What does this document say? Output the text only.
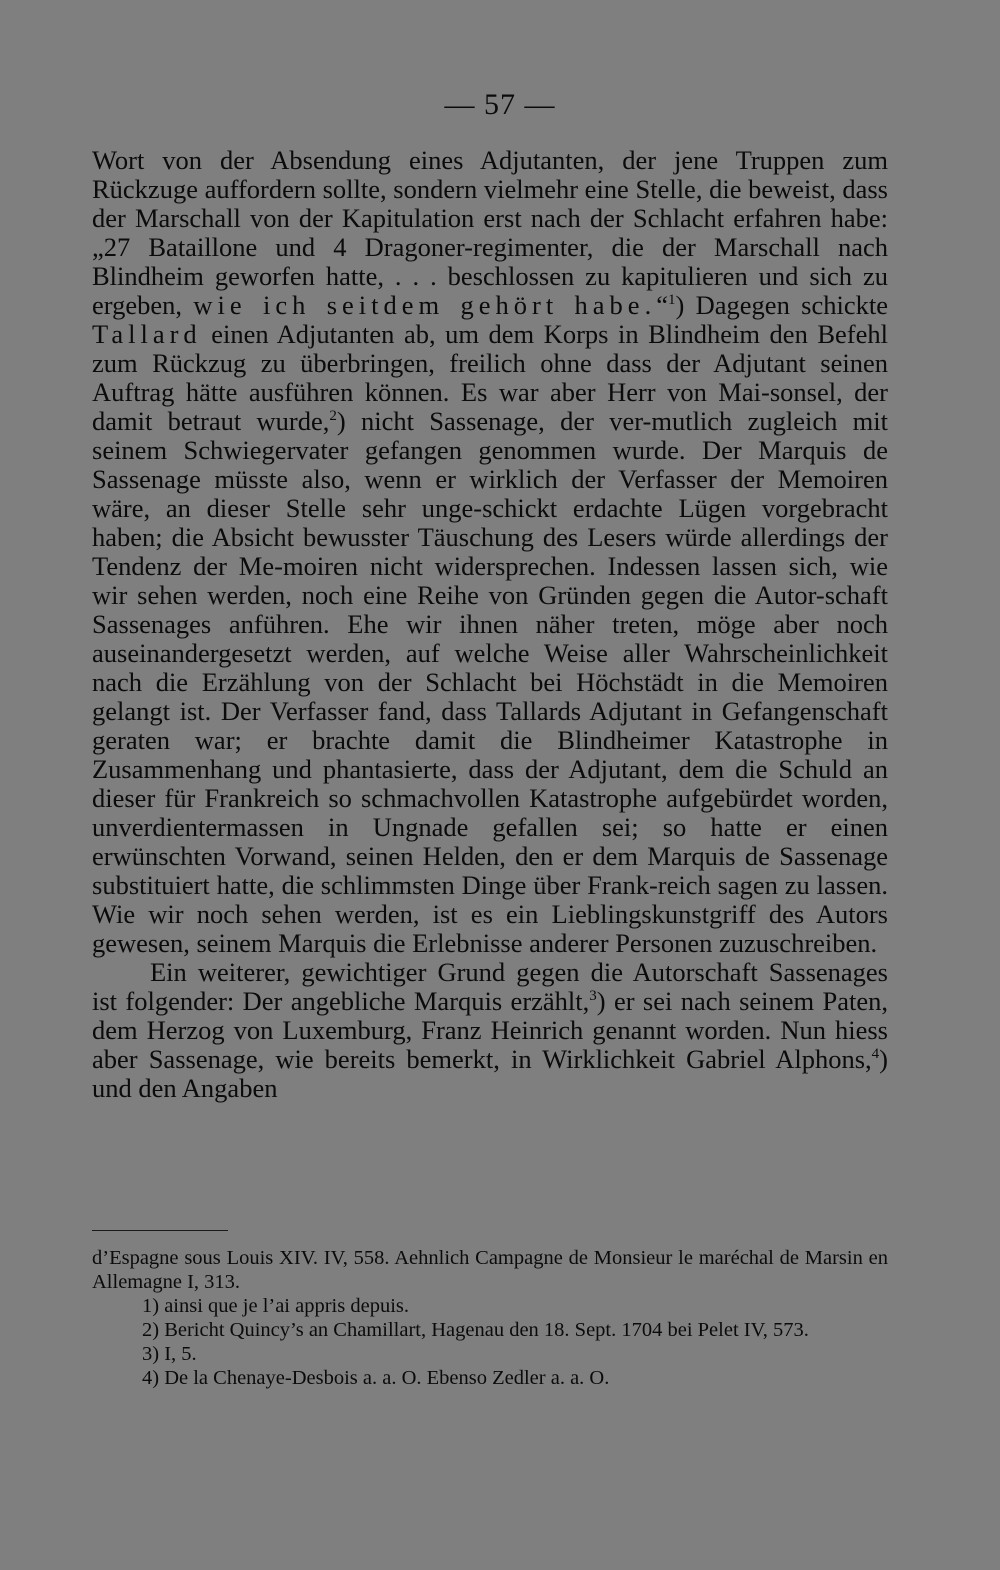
— 57 —

Wort von der Absendung eines Adjutanten, der jene Truppen zum Rückzuge auffordern sollte, sondern vielmehr eine Stelle, die beweist, dass der Marschall von der Kapitulation erst nach der Schlacht erfahren habe: „27 Bataillone und 4 Dragoner-regimenter, die der Marschall nach Blindheim geworfen hatte, . . . beschlossen zu kapitulieren und sich zu ergeben, wie ich seitdem gehört habe.“$^1$) Dagegen schickte Tallard einen Adjutanten ab, um dem Korps in Blindheim den Befehl zum Rückzug zu überbringen, freilich ohne dass der Adjutant seinen Auftrag hätte ausführen können. Es war aber Herr von Mai-sonsel, der damit betraut wurde,$^2$) nicht Sassenage, der ver-mutlich zugleich mit seinem Schwiegervater gefangen genommen wurde. Der Marquis de Sassenage müsste also, wenn er wirklich der Verfasser der Memoiren wäre, an dieser Stelle sehr unge-schickt erdachte Lügen vorgebracht haben; die Absicht bewusster Täuschung des Lesers würde allerdings der Tendenz der Me-moiren nicht widersprechen. Indessen lassen sich, wie wir sehen werden, noch eine Reihe von Gründen gegen die Autor-schaft Sassenages anführen. Ehe wir ihnen näher treten, möge aber noch auseinandergesetzt werden, auf welche Weise aller Wahrscheinlichkeit nach die Erzählung von der Schlacht bei Höchstädt in die Memoiren gelangt ist. Der Verfasser fand, dass Tallards Adjutant in Gefangenschaft geraten war; er brachte damit die Blindheimer Katastrophe in Zusammenhang und phantasierte, dass der Adjutant, dem die Schuld an dieser für Frankreich so schmachvollen Katastrophe aufgebürdet worden, unverdientermassen in Ungnade gefallen sei; so hatte er einen erwünschten Vorwand, seinen Helden, den er dem Marquis de Sassenage substituiert hatte, die schlimmsten Dinge über Frank-reich sagen zu lassen. Wie wir noch sehen werden, ist es ein Lieblingskunstgriff des Autors gewesen, seinem Marquis die Erlebnisse anderer Personen zuzuschreiben.

Ein weiterer, gewichtiger Grund gegen die Autorschaft Sassenages ist folgender: Der angebliche Marquis erzählt,$^3$) er sei nach seinem Paten, dem Herzog von Luxemburg, Franz Heinrich genannt worden. Nun hiess aber Sassenage, wie bereits bemerkt, in Wirklichkeit Gabriel Alphons,$^4$) und den Angaben

d’Espagne sous Louis XIV. IV, 558. Aehnlich Campagne de Monsieur le maréchal de Marsin en Allemagne I, 313.

1) ainsi que je l’ai appris depuis.

2) Bericht Quincy’s an Chamillart, Hagenau den 18. Sept. 1704 bei Pelet IV, 573.

3) I, 5.

4) De la Chenaye-Desbois a. a. O. Ebenso Zedler a. a. O.
